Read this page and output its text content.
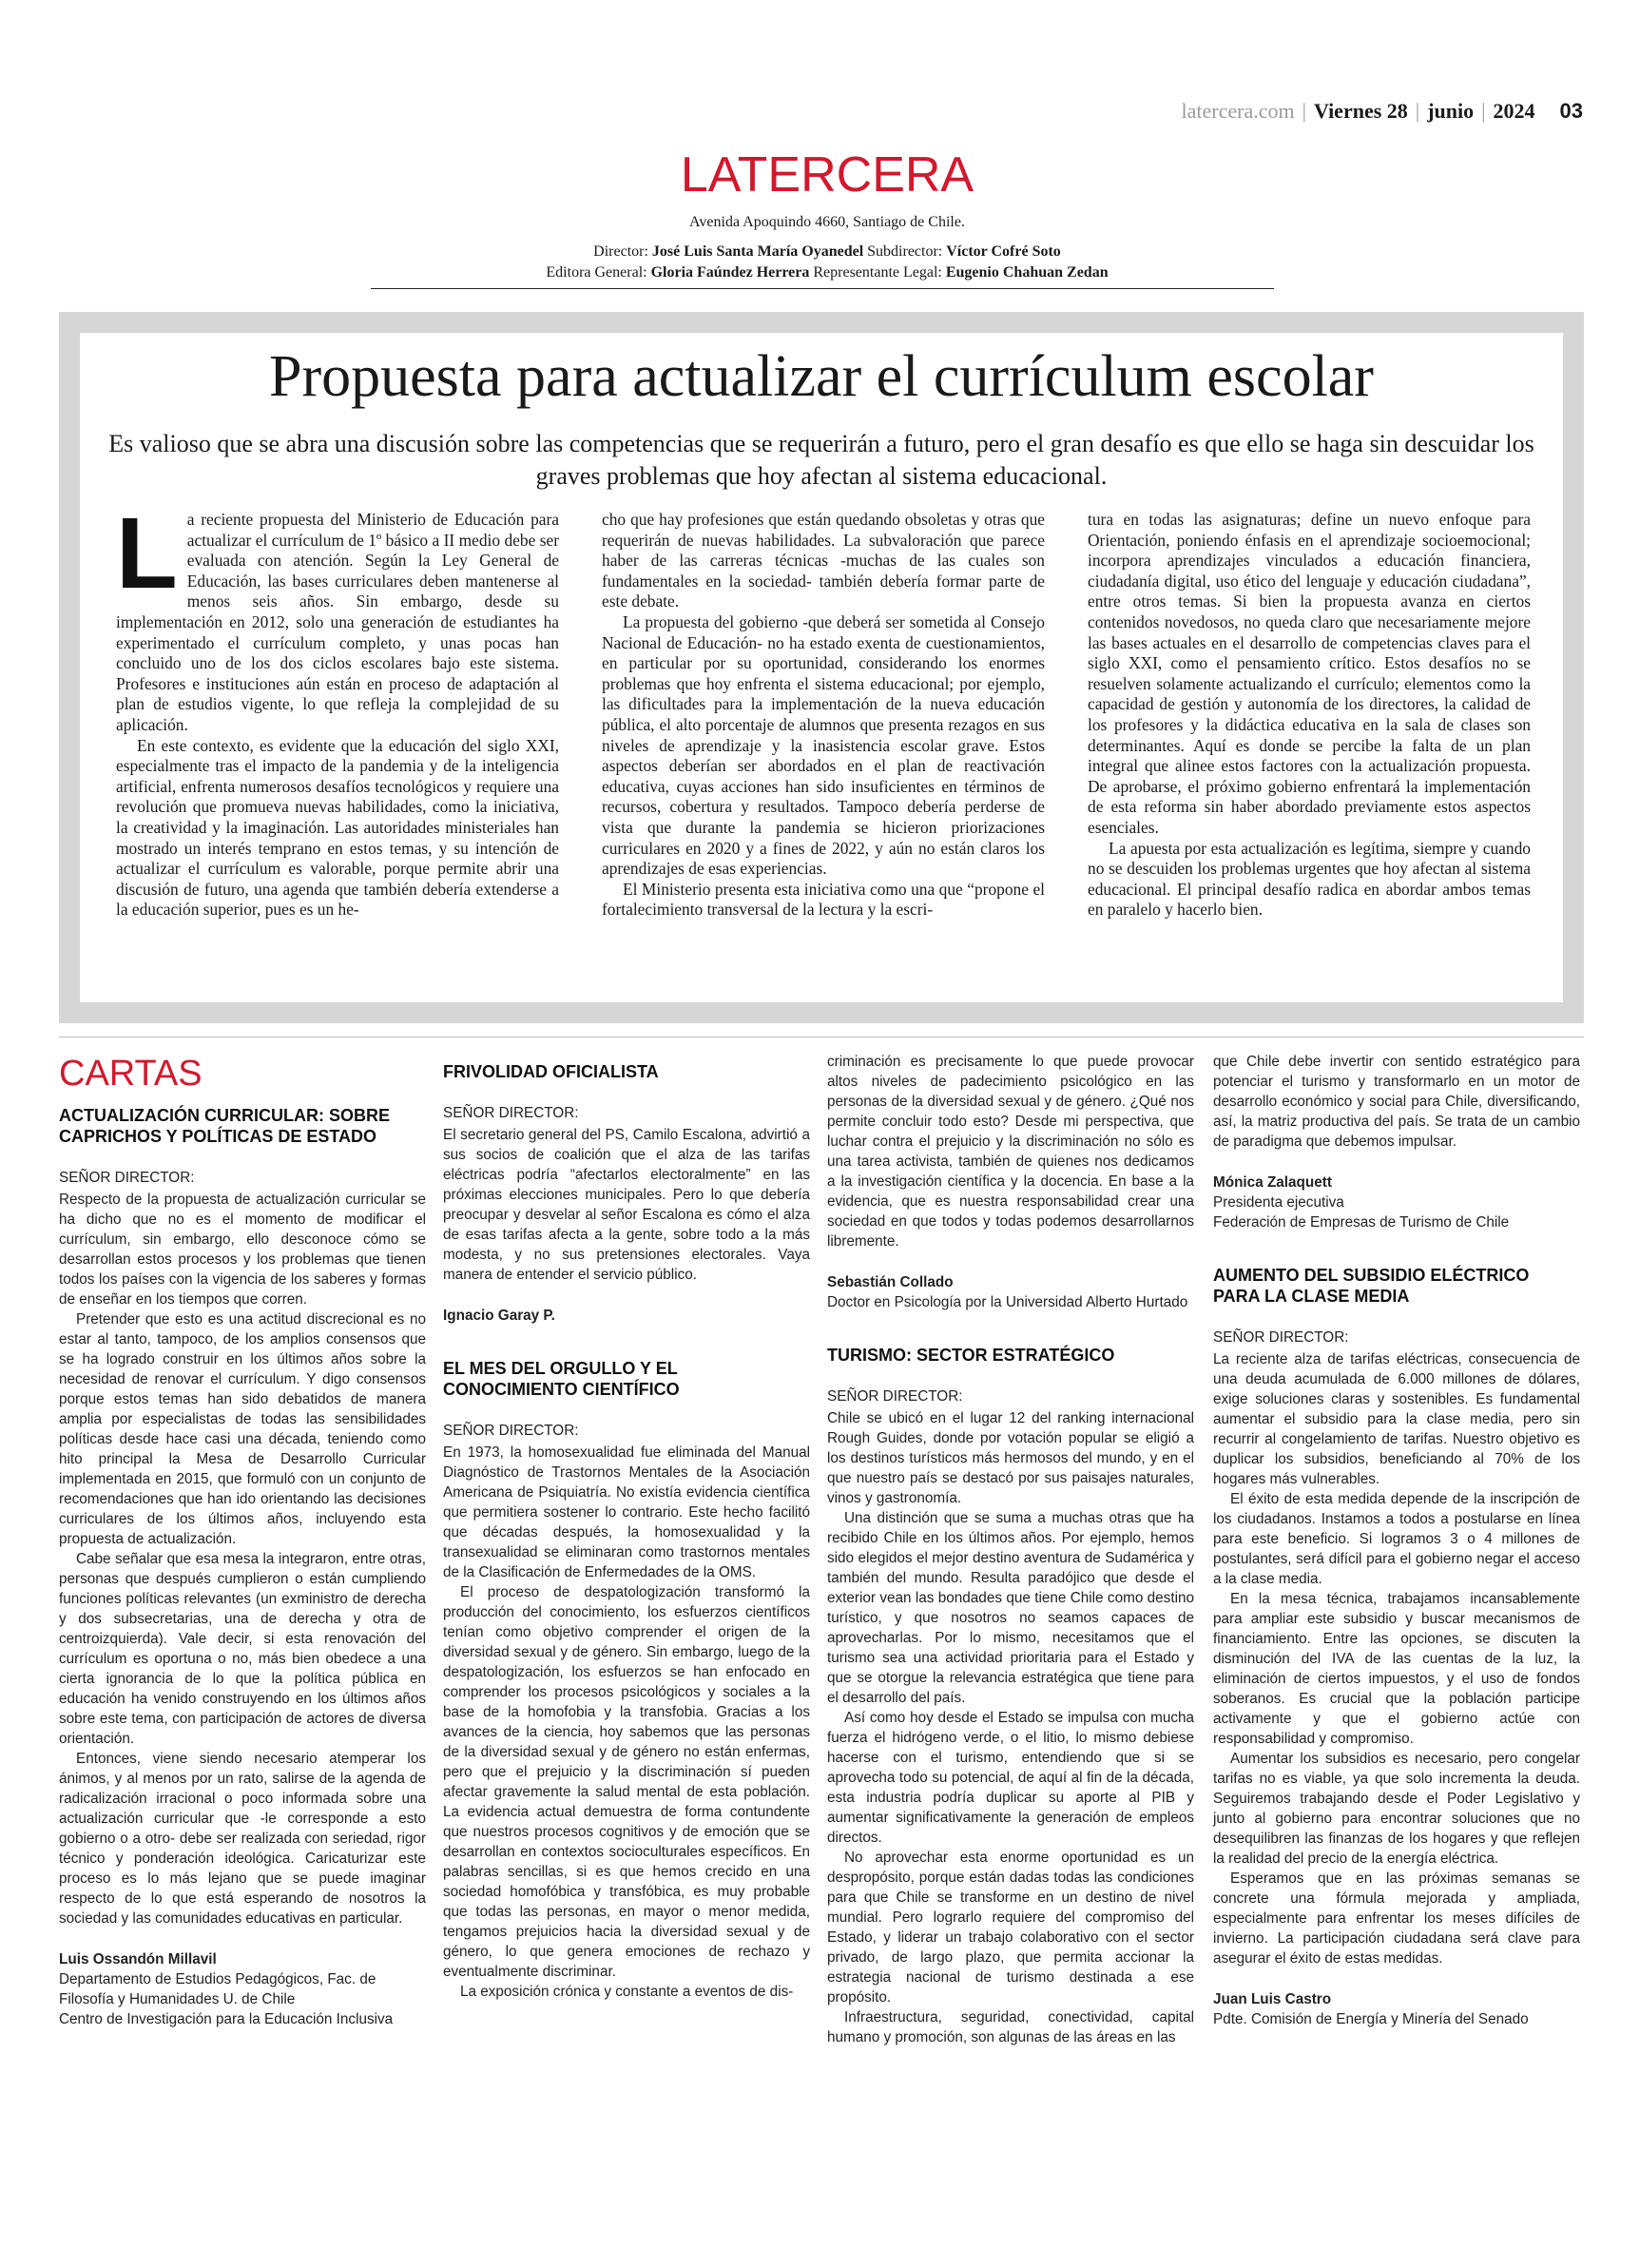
latercera.com | Viernes 28 | junio | 2024 03
LATERCERA
Avenida Apoquindo 4660, Santiago de Chile.
Director: José Luis Santa María Oyanedel Subdirector: Víctor Cofré Soto
Editora General: Gloria Faúndez Herrera Representante Legal: Eugenio Chahuan Zedan
Propuesta para actualizar el currículum escolar
Es valioso que se abra una discusión sobre las competencias que se requerirán a futuro, pero el gran desafío es que ello se haga sin descuidar los graves problemas que hoy afectan al sistema educacional.

La reciente propuesta del Ministerio de Educación para actualizar el currículum de 1º básico a II medio debe ser evaluada con atención. Según la Ley General de Educación, las bases curriculares deben mantenerse al menos seis años. Sin embargo, desde su implementación en 2012, solo una generación de estudiantes ha experimentado el currículum completo, y unas pocas han concluido uno de los dos ciclos escolares bajo este sistema. Profesores e instituciones aún están en proceso de adaptación al plan de estudios vigente, lo que refleja la complejidad de su aplicación.

En este contexto, es evidente que la educación del siglo XXI, especialmente tras el impacto de la pandemia y de la inteligencia artificial, enfrenta numerosos desafíos tecnológicos y requiere una revolución que promueva nuevas habilidades, como la iniciativa, la creatividad y la imaginación. Las autoridades ministeriales han mostrado un interés temprano en estos temas, y su intención de actualizar el currículum es valorable, porque permite abrir una discusión de futuro, una agenda que también debería extenderse a la educación superior, pues es un he-

cho que hay profesiones que están quedando obsoletas y otras que requerirán de nuevas habilidades. La subvaloración que parece haber de las carreras técnicas -muchas de las cuales son fundamentales en la sociedad- también debería formar parte de este debate.

La propuesta del gobierno -que deberá ser sometida al Consejo Nacional de Educación- no ha estado exenta de cuestionamientos, en particular por su oportunidad, considerando los enormes problemas que hoy enfrenta el sistema educacional; por ejemplo, las dificultades para la implementación de la nueva educación pública, el alto porcentaje de alumnos que presenta rezagos en sus niveles de aprendizaje y la inasistencia escolar grave. Estos aspectos deberían ser abordados en el plan de reactivación educativa, cuyas acciones han sido insuficientes en términos de recursos, cobertura y resultados. Tampoco debería perderse de vista que durante la pandemia se hicieron priorizaciones curriculares en 2020 y a fines de 2022, y aún no están claros los aprendizajes de esas experiencias.

El Ministerio presenta esta iniciativa como una que “propone el fortalecimiento transversal de la lectura y la escri-

tura en todas las asignaturas; define un nuevo enfoque para Orientación, poniendo énfasis en el aprendizaje socioemocional; incorpora aprendizajes vinculados a educación financiera, ciudadanía digital, uso ético del lenguaje y educación ciudadana”, entre otros temas. Si bien la propuesta avanza en ciertos contenidos novedosos, no queda claro que necesariamente mejore las bases actuales en el desarrollo de competencias claves para el siglo XXI, como el pensamiento crítico. Estos desafíos no se resuelven solamente actualizando el currículo; elementos como la capacidad de gestión y autonomía de los directores, la calidad de los profesores y la didáctica educativa en la sala de clases son determinantes. Aquí es donde se percibe la falta de un plan integral que alinee estos factores con la actualización propuesta. De aprobarse, el próximo gobierno enfrentará la implementación de esta reforma sin haber abordado previamente estos aspectos esenciales.

La apuesta por esta actualización es legítima, siempre y cuando no se descuiden los problemas urgentes que hoy afectan al sistema educacional. El principal desafío radica en abordar ambos temas en paralelo y hacerlo bien.

CARTAS
ACTUALIZACIÓN CURRICULAR: SOBRE CAPRICHOS Y POLÍTICAS DE ESTADO

SEÑOR DIRECTOR:

Respecto de la propuesta de actualización curricular se ha dicho que no es el momento de modificar el currículum, sin embargo, ello desconoce cómo se desarrollan estos procesos y los problemas que tienen todos los países con la vigencia de los saberes y formas de enseñar en los tiempos que corren.

Pretender que esto es una actitud discrecional es no estar al tanto, tampoco, de los amplios consensos que se ha logrado construir en los últimos años sobre la necesidad de renovar el currículum. Y digo consensos porque estos temas han sido debatidos de manera amplia por especialistas de todas las sensibilidades políticas desde hace casi una década, teniendo como hito principal la Mesa de Desarrollo Curricular implementada en 2015, que formuló con un conjunto de recomendaciones que han ido orientando las decisiones curriculares de los últimos años, incluyendo esta propuesta de actualización.

Cabe señalar que esa mesa la integraron, entre otras, personas que después cumplieron o están cumpliendo funciones políticas relevantes (un exministro de derecha y dos subsecretarias, una de derecha y otra de centroizquierda). Vale decir, si esta renovación del currículum es oportuna o no, más bien obedece a una cierta ignorancia de lo que la política pública en educación ha venido construyendo en los últimos años sobre este tema, con participación de actores de diversa orientación.

Entonces, viene siendo necesario atemperar los ánimos, y al menos por un rato, salirse de la agenda de radicalización irracional o poco informada sobre una actualización curricular que -le corresponde a esto gobierno o a otro- debe ser realizada con seriedad, rigor técnico y ponderación ideológica. Caricaturizar este proceso es lo más lejano que se puede imaginar respecto de lo que está esperando de nosotros la sociedad y las comunidades educativas en particular.

Luis Ossandón Millavil

Departamento de Estudios Pedagógicos, Fac. de Filosofía y Humanidades U. de Chile

Centro de Investigación para la Educación Inclusiva

FRIVOLIDAD OFICIALISTA

SEÑOR DIRECTOR:

El secretario general del PS, Camilo Escalona, advirtió a sus socios de coalición que el alza de las tarifas eléctricas podría “afectarlos electoralmente” en las próximas elecciones municipales. Pero lo que debería preocupar y desvelar al señor Escalona es cómo el alza de esas tarifas afecta a la gente, sobre todo a la más modesta, y no sus pretensiones electorales. Vaya manera de entender el servicio público.

Ignacio Garay P.

EL MES DEL ORGULLO Y EL CONOCIMIENTO CIENTÍFICO

SEÑOR DIRECTOR:

En 1973, la homosexualidad fue eliminada del Manual Diagnóstico de Trastornos Mentales de la Asociación Americana de Psiquiatría. No existía evidencia científica que permitiera sostener lo contrario. Este hecho facilitó que décadas después, la homosexualidad y la transexualidad se eliminaran como trastornos mentales de la Clasificación de Enfermedades de la OMS.

El proceso de despatologización transformó la producción del conocimiento, los esfuerzos científicos tenían como objetivo comprender el origen de la diversidad sexual y de género. Sin embargo, luego de la despatologización, los esfuerzos se han enfocado en comprender los procesos psicológicos y sociales a la base de la homofobia y la transfobia. Gracias a los avances de la ciencia, hoy sabemos que las personas de la diversidad sexual y de género no están enfermas, pero que el prejuicio y la discriminación sí pueden afectar gravemente la salud mental de esta población. La evidencia actual demuestra de forma contundente que nuestros procesos cognitivos y de emoción que se desarrollan en contextos socioculturales específicos. En palabras sencillas, si es que hemos crecido en una sociedad homofóbica y transfóbica, es muy probable que todas las personas, en mayor o menor medida, tengamos prejuicios hacia la diversidad sexual y de género, lo que genera emociones de rechazo y eventualmente discriminar.

La exposición crónica y constante a eventos de dis-

criminación es precisamente lo que puede provocar altos niveles de padecimiento psicológico en las personas de la diversidad sexual y de género. ¿Qué nos permite concluir todo esto? Desde mi perspectiva, que luchar contra el prejuicio y la discriminación no sólo es una tarea activista, también de quienes nos dedicamos a la investigación científica y la docencia. En base a la evidencia, que es nuestra responsabilidad crear una sociedad en que todos y todas podemos desarrollarnos libremente.

Sebastián Collado

Doctor en Psicología por la Universidad Alberto Hurtado

TURISMO: SECTOR ESTRATÉGICO

SEÑOR DIRECTOR:

Chile se ubicó en el lugar 12 del ranking internacional Rough Guides, donde por votación popular se eligió a los destinos turísticos más hermosos del mundo, y en el que nuestro país se destacó por sus paisajes naturales, vinos y gastronomía.

Una distinción que se suma a muchas otras que ha recibido Chile en los últimos años. Por ejemplo, hemos sido elegidos el mejor destino aventura de Sudamérica y también del mundo. Resulta paradójico que desde el exterior vean las bondades que tiene Chile como destino turístico, y que nosotros no seamos capaces de aprovecharlas. Por lo mismo, necesitamos que el turismo sea una actividad prioritaria para el Estado y que se otorgue la relevancia estratégica que tiene para el desarrollo del país.

Así como hoy desde el Estado se impulsa con mucha fuerza el hidrógeno verde, o el litio, lo mismo debiese hacerse con el turismo, entendiendo que si se aprovecha todo su potencial, de aquí al fin de la década, esta industria podría duplicar su aporte al PIB y aumentar significativamente la generación de empleos directos.

No aprovechar esta enorme oportunidad es un despropósito, porque están dadas todas las condiciones para que Chile se transforme en un destino de nivel mundial. Pero lograrlo requiere del compromiso del Estado, y liderar un trabajo colaborativo con el sector privado, de largo plazo, que permita accionar la estrategia nacional de turismo destinada a ese propósito.

Infraestructura, seguridad, conectividad, capital humano y promoción, son algunas de las áreas en las

que Chile debe invertir con sentido estratégico para potenciar el turismo y transformarlo en un motor de desarrollo económico y social para Chile, diversificando, así, la matriz productiva del país. Se trata de un cambio de paradigma que debemos impulsar.

Mónica Zalaquett

Presidenta ejecutiva

Federación de Empresas de Turismo de Chile

AUMENTO DEL SUBSIDIO ELÉCTRICO PARA LA CLASE MEDIA

SEÑOR DIRECTOR:

La reciente alza de tarifas eléctricas, consecuencia de una deuda acumulada de 6.000 millones de dólares, exige soluciones claras y sostenibles. Es fundamental aumentar el subsidio para la clase media, pero sin recurrir al congelamiento de tarifas. Nuestro objetivo es duplicar los subsidios, beneficiando al 70% de los hogares más vulnerables.

El éxito de esta medida depende de la inscripción de los ciudadanos. Instamos a todos a postularse en línea para este beneficio. Si logramos 3 o 4 millones de postulantes, será difícil para el gobierno negar el acceso a la clase media.

En la mesa técnica, trabajamos incansablemente para ampliar este subsidio y buscar mecanismos de financiamiento. Entre las opciones, se discuten la disminución del IVA de las cuentas de la luz, la eliminación de ciertos impuestos, y el uso de fondos soberanos. Es crucial que la población participe activamente y que el gobierno actúe con responsabilidad y compromiso.

Aumentar los subsidios es necesario, pero congelar tarifas no es viable, ya que solo incrementa la deuda. Seguiremos trabajando desde el Poder Legislativo y junto al gobierno para encontrar soluciones que no desequilibren las finanzas de los hogares y que reflejen la realidad del precio de la energía eléctrica.

Esperamos que en las próximas semanas se concrete una fórmula mejorada y ampliada, especialmente para enfrentar los meses difíciles de invierno. La participación ciudadana será clave para asegurar el éxito de estas medidas.

Juan Luis Castro

Pdte. Comisión de Energía y Minería del Senado
